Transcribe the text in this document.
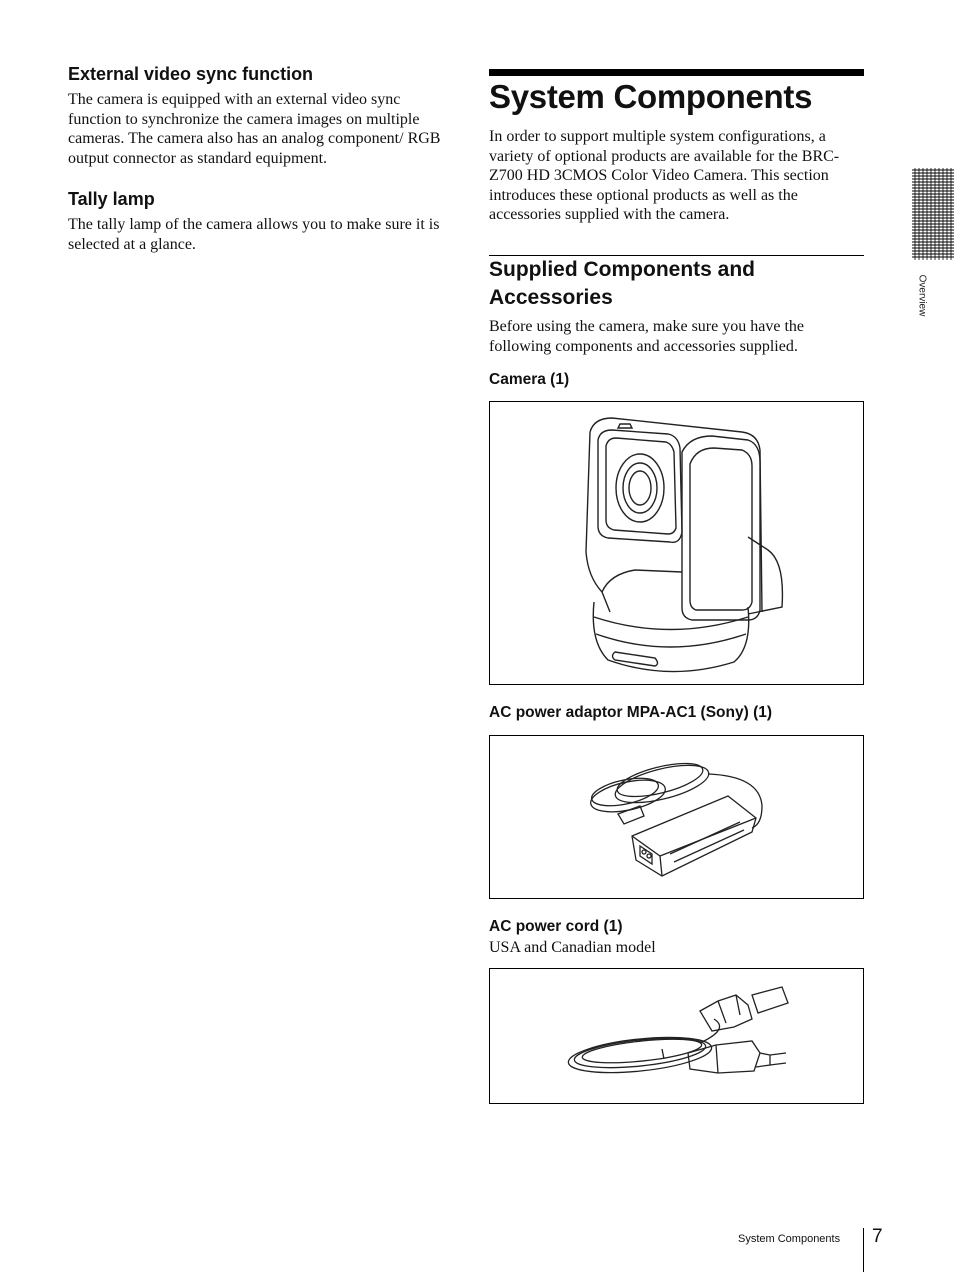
External video sync function

The camera is equipped with an external video sync function to synchronize the camera images on multiple cameras. The camera also has an analog component/ RGB output connector as standard equipment.

Tally lamp

The tally lamp of the camera allows you to make sure it is selected at a glance.

System Components

In order to support multiple system configurations, a variety of optional products are available for the BRC-Z700 HD 3CMOS Color Video Camera. This section introduces these optional products as well as the accessories supplied with the camera.

Supplied Components and Accessories

Before using the camera, make sure you have the following components and accessories supplied.

Camera (1)
AC power adaptor MPA-AC1 (Sony) (1)
AC power cord (1)

USA and Canadian model

Overview
System Components 7
